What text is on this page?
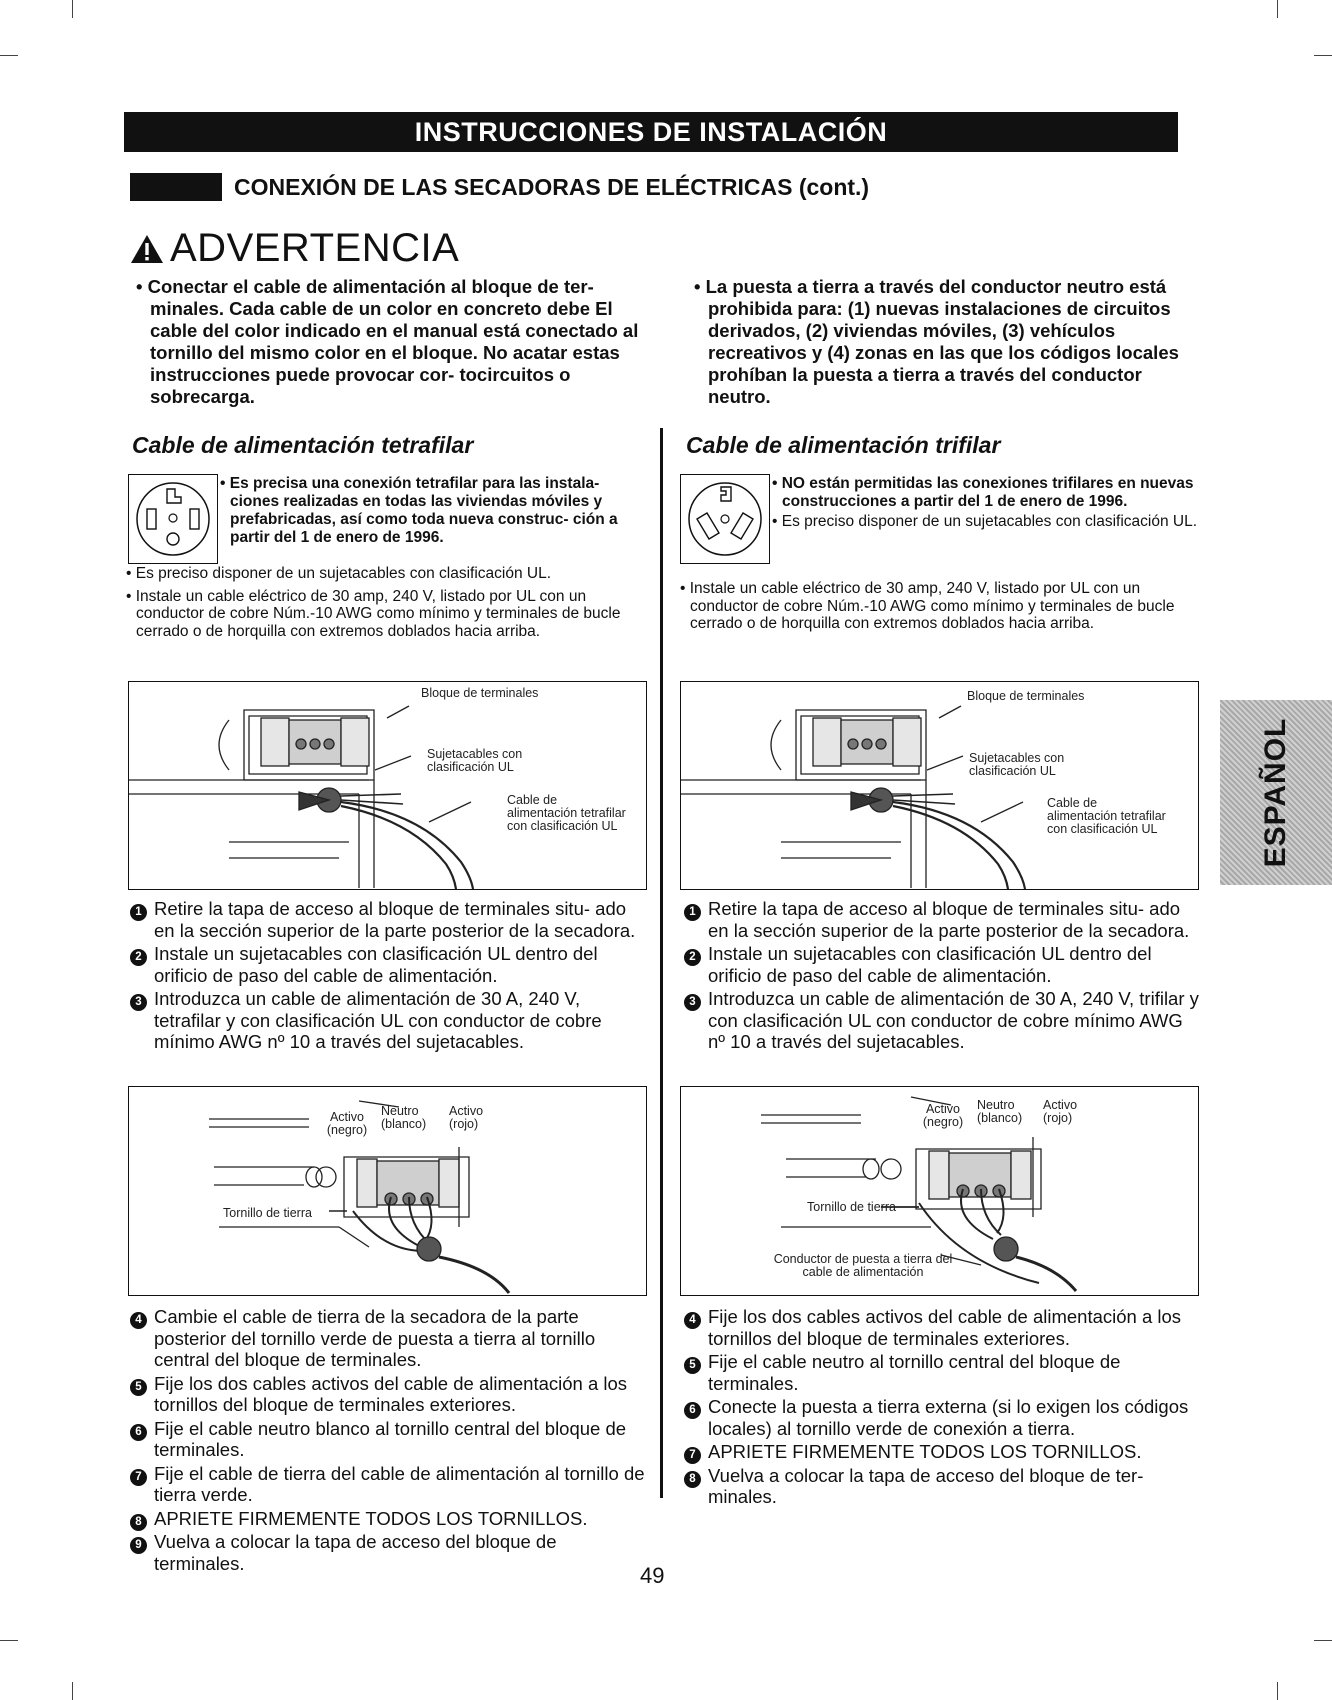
INSTRUCCIONES DE INSTALACIÓN
CONEXIÓN DE LAS SECADORAS DE ELÉCTRICAS (cont.)
ADVERTENCIA
• Conectar el cable de alimentación al bloque de ter- minales. Cada cable de un color en concreto debe El cable del color indicado en el manual está conectado al tornillo del mismo color en el bloque. No acatar estas instrucciones puede provocar cor- tocircuitos o sobrecarga.
• La puesta a tierra a través del conductor neutro está prohibida para: (1) nuevas instalaciones de circuitos derivados, (2) viviendas móviles, (3) vehículos recreativos y (4) zonas en las que los códigos locales prohíban la puesta a tierra a través del conductor neutro.
Cable de alimentación tetrafilar
• Es precisa una conexión tetrafilar para las instala- ciones realizadas en todas las viviendas móviles y prefabricadas, así como toda nueva construc- ción a partir del 1 de enero de 1996.
• Es preciso disponer de un sujetacables con clasificación UL.
• Instale un cable eléctrico de 30 amp, 240 V, listado por UL con un conductor de cobre Núm.-10 AWG como mínimo y terminales de bucle cerrado o de horquilla con extremos doblados hacia arriba.
Bloque de terminales
Sujetacables con clasificación UL
Cable de alimentación tetrafilar con clasificación UL
1 Retire la tapa de acceso al bloque de terminales situ- ado en la sección superior de la parte posterior de la secadora.
2 Instale un sujetacables con clasificación UL dentro del orificio de paso del cable de alimentación.
3 Introduzca un cable de alimentación de 30 A, 240 V, tetrafilar y con clasificación UL con conductor de cobre mínimo AWG nº 10 a través del sujetacables.
Activo (negro)
Neutro (blanco)
Activo (rojo)
Tornillo de tierra
4 Cambie el cable de tierra de la secadora de la parte posterior del tornillo verde de puesta a tierra al tornillo central del bloque de terminales.
5 Fije los dos cables activos del cable de alimentación a los tornillos del bloque de terminales exteriores.
6 Fije el cable neutro blanco al tornillo central del bloque de terminales.
7 Fije el cable de tierra del cable de alimentación al tornillo de tierra verde.
8 APRIETE FIRMEMENTE TODOS LOS TORNILLOS.
9 Vuelva a colocar la tapa de acceso del bloque de terminales.
Cable de alimentación trifilar
• NO están permitidas las conexiones trifilares en nuevas construcciones a partir del 1 de enero de 1996.
• Es preciso disponer de un sujetacables con clasificación UL.
• Instale un cable eléctrico de 30 amp, 240 V, listado por UL con un conductor de cobre Núm.-10 AWG como mínimo y terminales de bucle cerrado o de horquilla con extremos doblados hacia arriba.
Bloque de terminales
Sujetacables con clasificación UL
Cable de alimentación tetrafilar con clasificación UL
1 Retire la tapa de acceso al bloque de terminales situ- ado en la sección superior de la parte posterior de la secadora.
2 Instale un sujetacables con clasificación UL dentro del orificio de paso del cable de alimentación.
3 Introduzca un cable de alimentación de 30 A, 240 V, trifilar y con clasificación UL con conductor de cobre mínimo AWG nº 10 a través del sujetacables.
Activo (negro)
Neutro (blanco)
Activo (rojo)
Tornillo de tierra
Conductor de puesta a tierra del cable de alimentación
4 Fije los dos cables activos del cable de alimentación a los tornillos del bloque de terminales exteriores.
5 Fije el cable neutro al tornillo central del bloque de terminales.
6 Conecte la puesta a tierra externa (si lo exigen los códigos locales) al tornillo verde de conexión a tierra.
7 APRIETE FIRMEMENTE TODOS LOS TORNILLOS.
8 Vuelva a colocar la tapa de acceso del bloque de ter- minales.
ESPAÑOL
49
